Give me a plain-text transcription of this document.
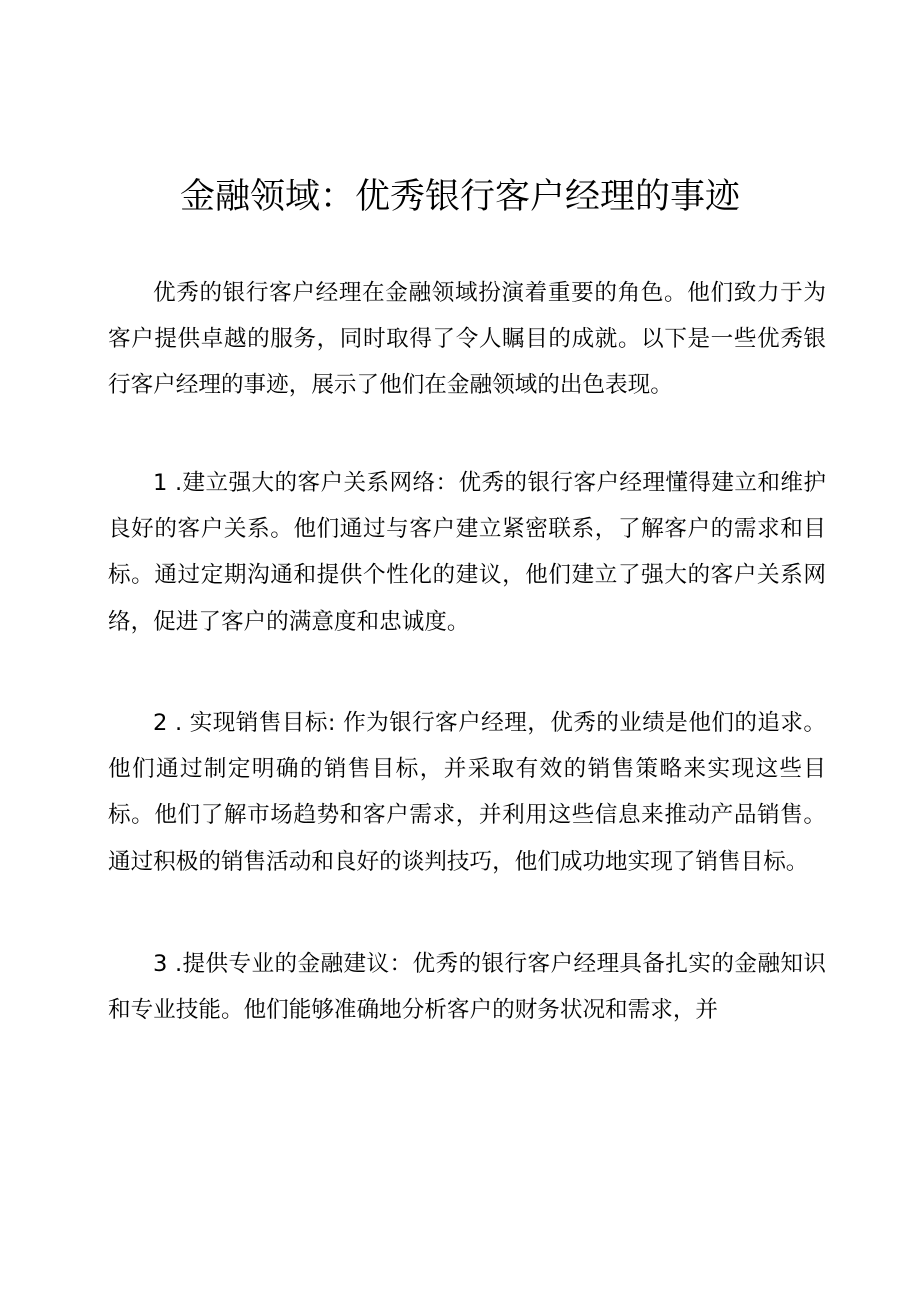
金融领域：优秀银行客户经理的事迹

优秀的银行客户经理在金融领域扮演着重要的角色。他们致力于为客户提供卓越的服务，同时取得了令人瞩目的成就。以下是一些优秀银行客户经理的事迹，展示了他们在金融领域的出色表现。

1 .建立强大的客户关系网络：优秀的银行客户经理懂得建立和维护良好的客户关系。他们通过与客户建立紧密联系，了解客户的需求和目标。通过定期沟通和提供个性化的建议，他们建立了强大的客户关系网络，促进了客户的满意度和忠诚度。

2 . 实现销售目标: 作为银行客户经理，优秀的业绩是他们的追求。他们通过制定明确的销售目标，并采取有效的销售策略来实现这些目标。他们了解市场趋势和客户需求，并利用这些信息来推动产品销售。通过积极的销售活动和良好的谈判技巧，他们成功地实现了销售目标。

3 .提供专业的金融建议：优秀的银行客户经理具备扎实的金融知识和专业技能。他们能够准确地分析客户的财务状况和需求，并
